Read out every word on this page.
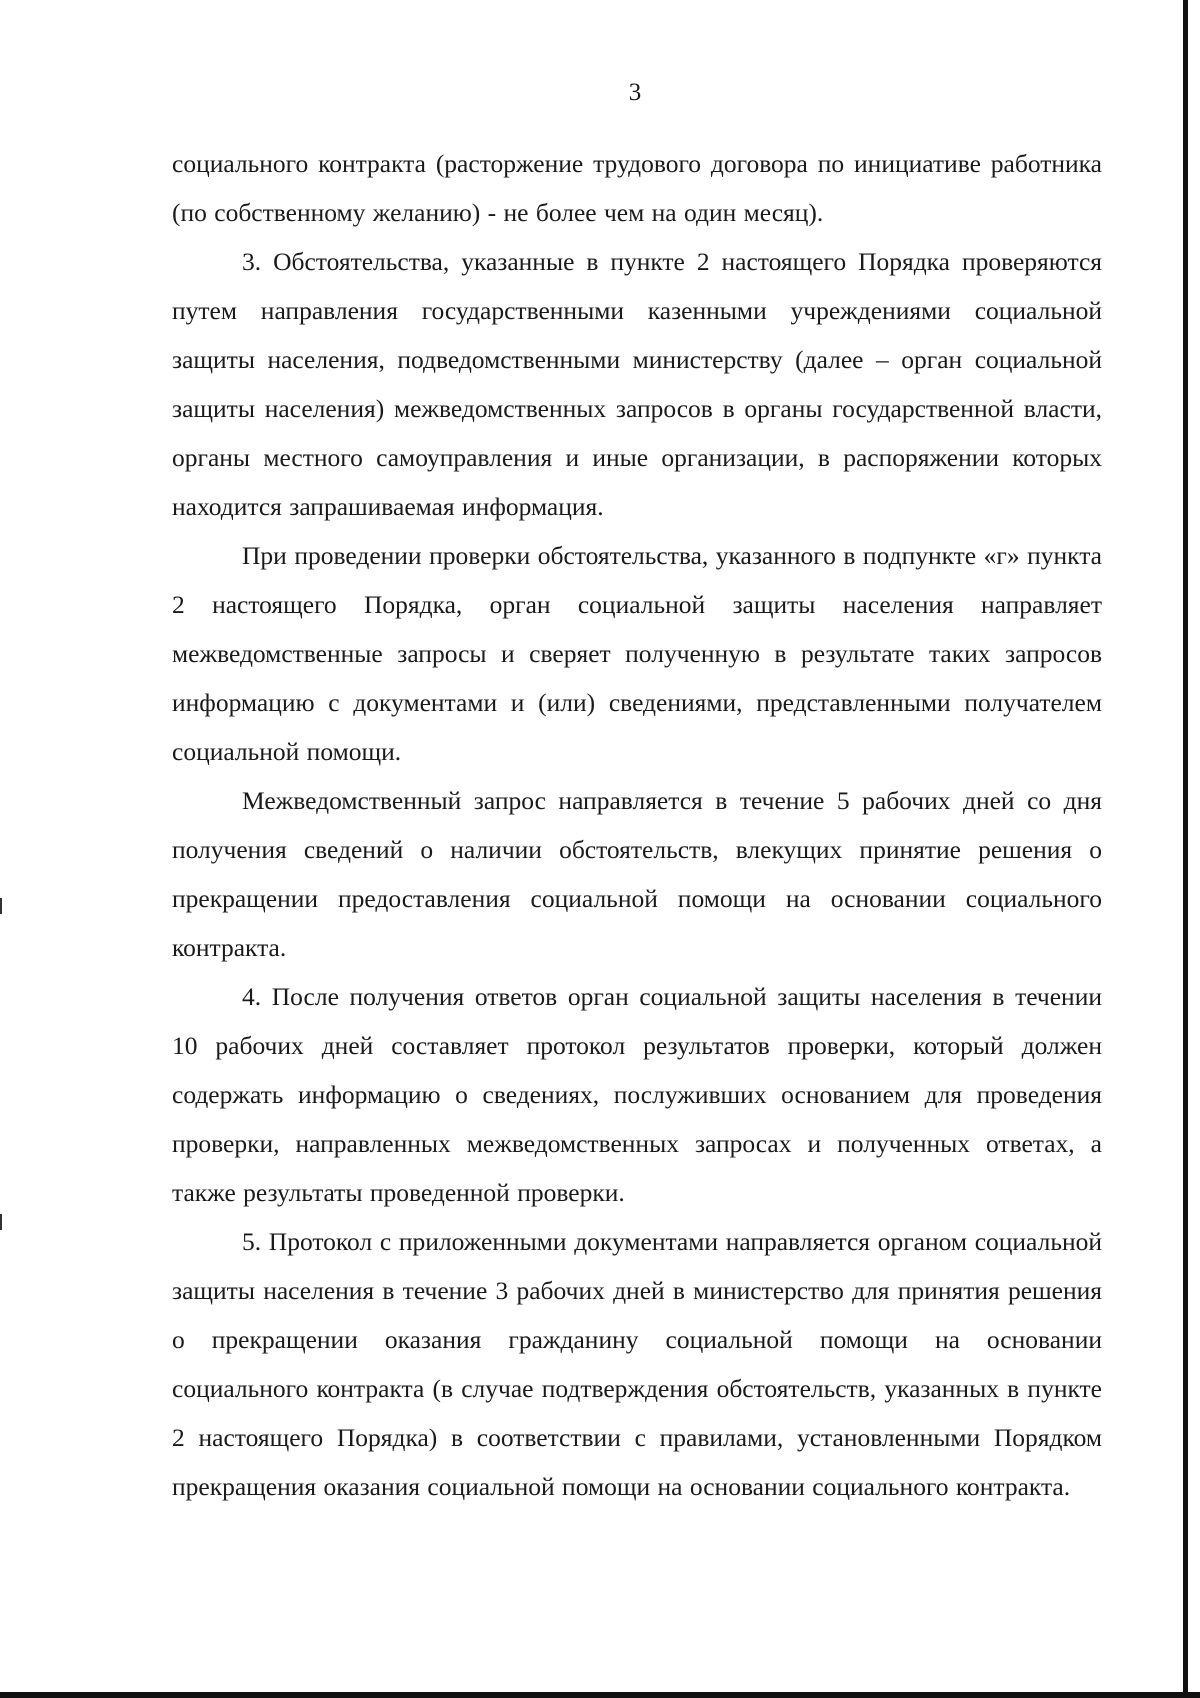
3

социального контракта (расторжение трудового договора по инициативе работника (по собственному желанию) - не более чем на один месяц).

3. Обстоятельства, указанные в пункте 2 настоящего Порядка проверяются путем направления государственными казенными учреждениями социальной защиты населения, подведомственными министерству (далее – орган социальной защиты населения) межведомственных запросов в органы государственной власти, органы местного самоуправления и иные организации, в распоряжении которых находится запрашиваемая информация.

При проведении проверки обстоятельства, указанного в подпункте «г» пункта 2 настоящего Порядка, орган социальной защиты населения направляет межведомственные запросы и сверяет полученную в результате таких запросов информацию с документами и (или) сведениями, представленными получателем социальной помощи.

Межведомственный запрос направляется в течение 5 рабочих дней со дня получения сведений о наличии обстоятельств, влекущих принятие решения о прекращении предоставления социальной помощи на основании социального контракта.

4. После получения ответов орган социальной защиты населения в течении 10 рабочих дней составляет протокол результатов проверки, который должен содержать информацию о сведениях, послуживших основанием для проведения проверки, направленных межведомственных запросах и полученных ответах, а также результаты проведенной проверки.

5. Протокол с приложенными документами направляется органом социальной защиты населения в течение 3 рабочих дней в министерство для принятия решения о прекращении оказания гражданину социальной помощи на основании социального контракта (в случае подтверждения обстоятельств, указанных в пункте 2 настоящего Порядка) в соответствии с правилами, установленными Порядком прекращения оказания социальной помощи на основании социального контракта.
